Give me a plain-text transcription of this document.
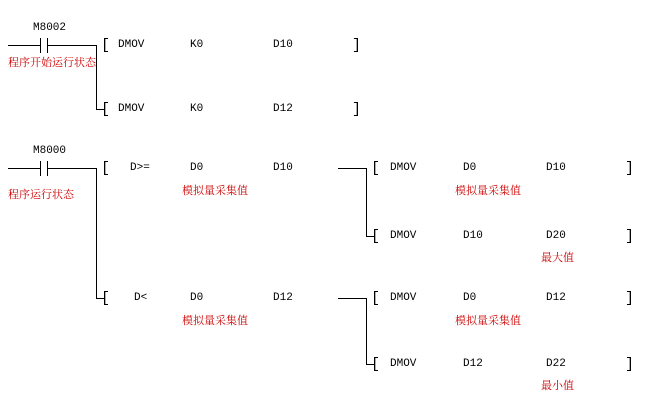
M8002
程序开始运行状态
[ DMOV	K0	D10	]
[ DMOV	K0	D12	]
M8000
程序运行状态
[ D>=	D0
模拟量采集值
D10	[ DMOV	D0
模拟量采集值
D10	]
[ DMOV	D10	D20
最大值
]
[ D<	D0
模拟量采集值
D12	[ DMOV	D0
模拟量采集值
D12	]
[ DMOV	D12	D22
最小值
]
